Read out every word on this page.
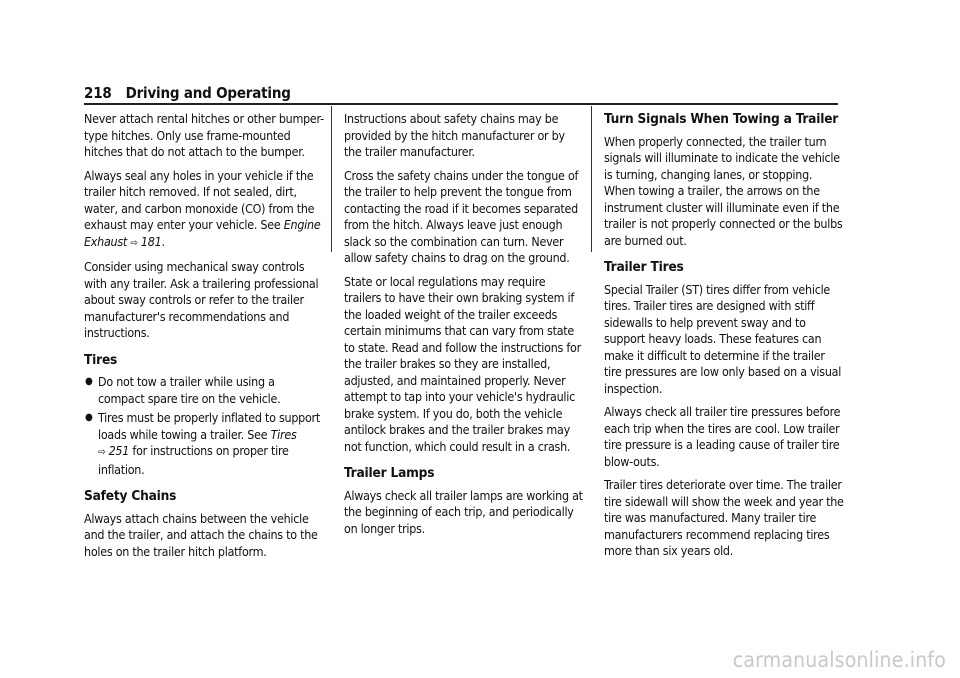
218 Driving and Operating

Never attach rental hitches or other bumper-type hitches. Only use frame-mounted hitches that do not attach to the bumper.

Always seal any holes in your vehicle if the trailer hitch removed. If not sealed, dirt, water, and carbon monoxide (CO) from the exhaust may enter your vehicle. See Engine Exhaust ⇨ 181.

Consider using mechanical sway controls with any trailer. Ask a trailering professional about sway controls or refer to the trailer manufacturer's recommendations and instructions.

Tires
● Do not tow a trailer while using a compact spare tire on the vehicle.
● Tires must be properly inflated to support loads while towing a trailer. See Tires
⇨ 251 for instructions on proper tire inflation.
Safety Chains

Always attach chains between the vehicle and the trailer, and attach the chains to the holes on the trailer hitch platform.

Instructions about safety chains may be provided by the hitch manufacturer or by the trailer manufacturer.

Cross the safety chains under the tongue of the trailer to help prevent the tongue from contacting the road if it becomes separated from the hitch. Always leave just enough slack so the combination can turn. Never allow safety chains to drag on the ground.

State or local regulations may require trailers to have their own braking system if the loaded weight of the trailer exceeds certain minimums that can vary from state to state. Read and follow the instructions for the trailer brakes so they are installed, adjusted, and maintained properly. Never attempt to tap into your vehicle's hydraulic brake system. If you do, both the vehicle antilock brakes and the trailer brakes may not function, which could result in a crash.

Trailer Lamps

Always check all trailer lamps are working at the beginning of each trip, and periodically on longer trips.

Turn Signals When Towing a Trailer

When properly connected, the trailer turn signals will illuminate to indicate the vehicle is turning, changing lanes, or stopping. When towing a trailer, the arrows on the instrument cluster will illuminate even if the trailer is not properly connected or the bulbs are burned out.

Trailer Tires

Special Trailer (ST) tires differ from vehicle tires. Trailer tires are designed with stiff sidewalls to help prevent sway and to support heavy loads. These features can make it difficult to determine if the trailer tire pressures are low only based on a visual inspection.

Always check all trailer tire pressures before each trip when the tires are cool. Low trailer tire pressure is a leading cause of trailer tire blow-outs.

Trailer tires deteriorate over time. The trailer tire sidewall will show the week and year the tire was manufactured. Many trailer tire manufacturers recommend replacing tires more than six years old.

carmanualsonline.info
